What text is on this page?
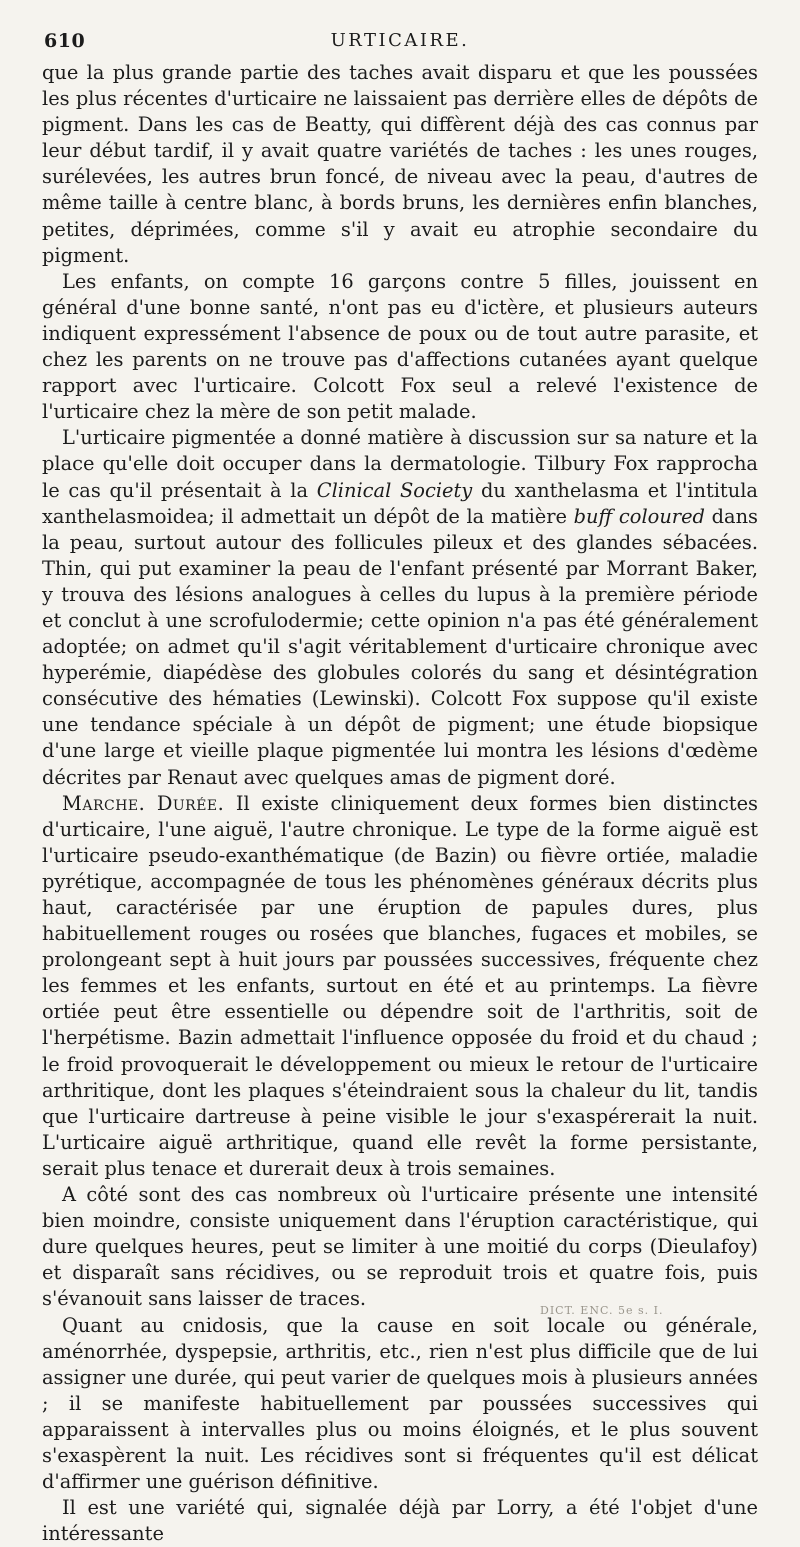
610	URTICAIRE.

que la plus grande partie des taches avait disparu et que les poussées les plus récentes d'urticaire ne laissaient pas derrière elles de dépôts de pigment. Dans les cas de Beatty, qui diffèrent déjà des cas connus par leur début tardif, il y avait quatre variétés de taches : les unes rouges, surélevées, les autres brun foncé, de niveau avec la peau, d'autres de même taille à centre blanc, à bords bruns, les dernières enfin blanches, petites, déprimées, comme s'il y avait eu atrophie secondaire du pigment.

Les enfants, on compte 16 garçons contre 5 filles, jouissent en général d'une bonne santé, n'ont pas eu d'ictère, et plusieurs auteurs indiquent expressément l'absence de poux ou de tout autre parasite, et chez les parents on ne trouve pas d'affections cutanées ayant quelque rapport avec l'urticaire. Colcott Fox seul a relevé l'existence de l'urticaire chez la mère de son petit malade.

L'urticaire pigmentée a donné matière à discussion sur sa nature et la place qu'elle doit occuper dans la dermatologie. Tilbury Fox rapprocha le cas qu'il présentait à la Clinical Society du xanthelasma et l'intitula xanthelasmoidea; il admettait un dépôt de la matière buff coloured dans la peau, surtout autour des follicules pileux et des glandes sébacées. Thin, qui put examiner la peau de l'enfant présenté par Morrant Baker, y trouva des lésions analogues à celles du lupus à la première période et conclut à une scrofulodermie; cette opinion n'a pas été généralement adoptée; on admet qu'il s'agit véritablement d'urticaire chronique avec hyperémie, diapédèse des globules colorés du sang et désintégration consécutive des hématies (Lewinski). Colcott Fox suppose qu'il existe une tendance spéciale à un dépôt de pigment; une étude biopsique d'une large et vieille plaque pigmentée lui montra les lésions d'œdème décrites par Renaut avec quelques amas de pigment doré.

Marche. Durée. Il existe cliniquement deux formes bien distinctes d'urticaire, l'une aiguë, l'autre chronique. Le type de la forme aiguë est l'urticaire pseudo-exanthématique (de Bazin) ou fièvre ortiée, maladie pyrétique, accompagnée de tous les phénomènes généraux décrits plus haut, caractérisée par une éruption de papules dures, plus habituellement rouges ou rosées que blanches, fugaces et mobiles, se prolongeant sept à huit jours par poussées successives, fréquente chez les femmes et les enfants, surtout en été et au printemps. La fièvre ortiée peut être essentielle ou dépendre soit de l'arthritis, soit de l'herpétisme. Bazin admettait l'influence opposée du froid et du chaud ; le froid provoquerait le développement ou mieux le retour de l'urticaire arthritique, dont les plaques s'éteindraient sous la chaleur du lit, tandis que l'urticaire dartreuse à peine visible le jour s'exaspérerait la nuit. L'urticaire aiguë arthritique, quand elle revêt la forme persistante, serait plus tenace et durerait deux à trois semaines.

A côté sont des cas nombreux où l'urticaire présente une intensité bien moindre, consiste uniquement dans l'éruption caractéristique, qui dure quelques heures, peut se limiter à une moitié du corps (Dieulafoy) et disparaît sans récidives, ou se reproduit trois et quatre fois, puis s'évanouit sans laisser de traces.

Quant au cnidosis, que la cause en soit locale ou générale, aménorrhée, dyspepsie, arthritis, etc., rien n'est plus difficile que de lui assigner une durée, qui peut varier de quelques mois à plusieurs années ; il se manifeste habituellement par poussées successives qui apparaissent à intervalles plus ou moins éloignés, et le plus souvent s'exaspèrent la nuit. Les récidives sont si fréquentes qu'il est délicat d'affirmer une guérison définitive.

Il est une variété qui, signalée déjà par Lorry, a été l'objet d'une intéressante

DICT. ENC. 5e s. I.
